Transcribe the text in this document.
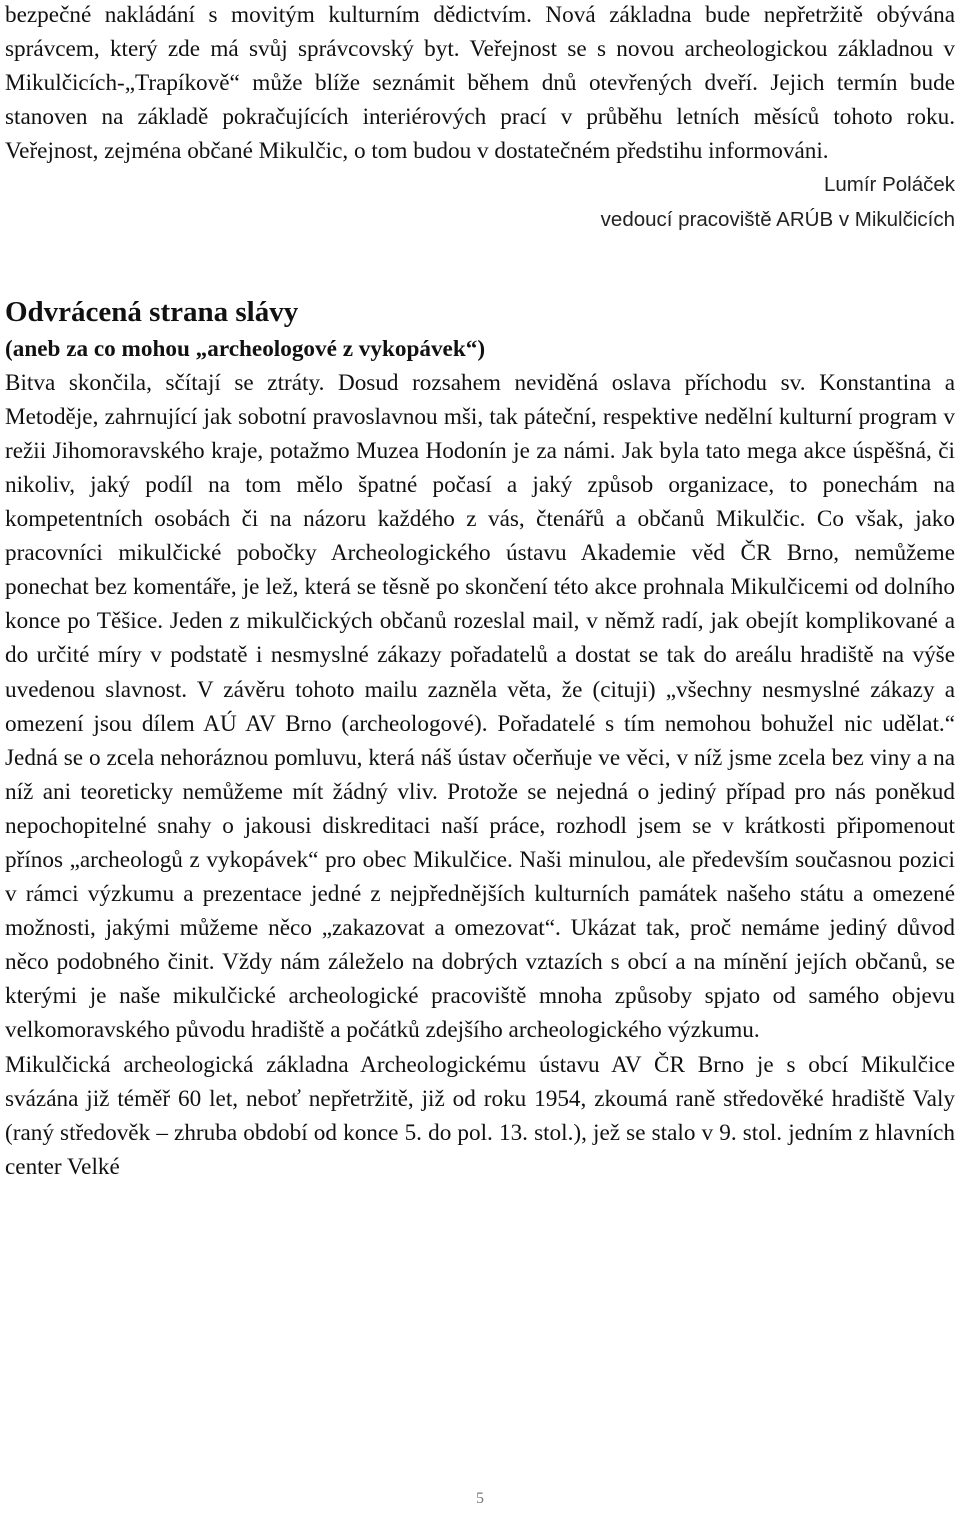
bezpečné nakládání s movitým kulturním dědictvím. Nová základna bude nepřetržitě obývána správcem, který zde má svůj správcovský byt. Veřejnost se s novou archeologickou základnou v Mikulčicích-„Trapíkově“ může blíže seznámit během dnů otevřených dveří. Jejich termín bude stanoven na základě pokračujících interiérových prací v průběhu letních měsíců tohoto roku. Veřejnost, zejména občané Mikulčic, o tom budou v dostatečném předstihu informováni.

Lumír Poláček

vedoucí pracoviště ARÚB v Mikulčicích

Odvrácená strana slávy
(aneb za co mohou „archeologové z vykopávek“)

Bitva skončila, sčítají se ztráty. Dosud rozsahem neviděná oslava příchodu sv. Konstantina a Metoděje, zahrnující jak sobotní pravoslavnou mši, tak páteční, respektive nedělní kulturní program v režii Jihomoravského kraje, potažmo Muzea Hodonín je za námi. Jak byla tato mega akce úspěšná, či nikoliv, jaký podíl na tom mělo špatné počasí a jaký způsob organizace, to ponechám na kompetentních osobách či na názoru každého z vás, čtenářů a občanů Mikulčic. Co však, jako pracovníci mikulčické pobočky Archeologického ústavu Akademie věd ČR Brno, nemůžeme ponechat bez komentáře, je lež, která se těsně po skončení této akce prohnala Mikulčicemi od dolního konce po Těšice. Jeden z mikulčických občanů rozeslal mail, v němž radí, jak obejít komplikované a do určité míry v podstatě i nesmyslné zákazy pořadatelů a dostat se tak do areálu hradiště na výše uvedenou slavnost. V závěru tohoto mailu zazněla věta, že (cituji) „všechny nesmyslné zákazy a omezení jsou dílem AÚ AV Brno (archeologové). Pořadatelé s tím nemohou bohužel nic udělat.“ Jedná se o zcela nehoráznou pomluvu, která náš ústav očerňuje ve věci, v níž jsme zcela bez viny a na níž ani teoreticky nemůžeme mít žádný vliv. Protože se nejedná o jediný případ pro nás poněkud nepochopitelné snahy o jakousi diskreditaci naší práce, rozhodl jsem se v krátkosti připomenout přínos „archeologů z vykopávek“ pro obec Mikulčice. Naši minulou, ale především současnou pozici v rámci výzkumu a prezentace jedné z nejpřednějších kulturních památek našeho státu a omezené možnosti, jakými můžeme něco „zakazovat a omezovat“. Ukázat tak, proč nemáme jediný důvod něco podobného činit. Vždy nám záleželo na dobrých vztazích s obcí a na mínění jejích občanů, se kterými je naše mikulčické archeologické pracoviště mnoha způsoby spjato od samého objevu velkomoravského původu hradiště a počátků zdejšího archeologického výzkumu.

Mikulčická archeologická základna Archeologickému ústavu AV ČR Brno je s obcí Mikulčice svázána již téměř 60 let, neboť nepřetržitě, již od roku 1954, zkoumá raně středověké hradiště Valy (raný středověk – zhruba období od konce 5. do pol. 13. stol.), jež se stalo v 9. stol. jedním z hlavních center Velké

5
